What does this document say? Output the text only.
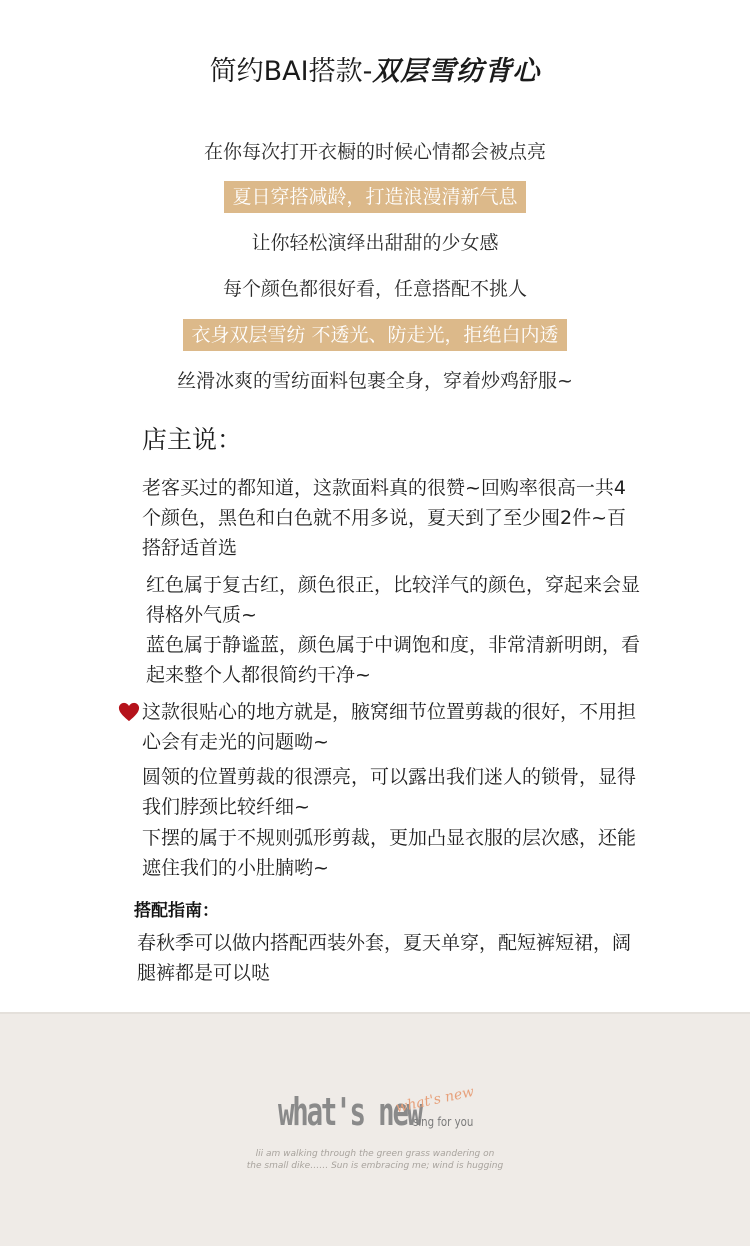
简约BAI搭款-双层雪纺背心
在你每次打开衣橱的时候心情都会被点亮
夏日穿搭减龄，打造浪漫清新气息
让你轻松演绎出甜甜的少女感
每个颜色都很好看，任意搭配不挑人
衣身双层雪纺 不透光、防走光，拒绝白内透
丝滑冰爽的雪纺面料包裹全身，穿着炒鸡舒服~
店主说：
老客买过的都知道，这款面料真的很赞~回购率很高一共4个颜色，黑色和白色就不用多说，夏天到了至少囤2件~百搭舒适首选
红色属于复古红，颜色很正，比较洋气的颜色，穿起来会显得格外气质~
蓝色属于静谧蓝，颜色属于中调饱和度，非常清新明朗，看起来整个人都很简约干净~
这款很贴心的地方就是，腋窝细节位置剪裁的很好，不用担心会有走光的问题呦~
圆领的位置剪裁的很漂亮，可以露出我们迷人的锁骨，显得我们脖颈比较纤细~
下摆的属于不规则弧形剪裁，更加凸显衣服的层次感，还能遮住我们的小肚腩哟~
搭配指南：
春秋季可以做内搭配西装外套，夏天单穿，配短裤短裙，阔腿裤都是可以哒
what's new
what's new
sing for you
lii am walking through the green grass wandering on
the small dike…… Sun is embracing me; wind is hugging
